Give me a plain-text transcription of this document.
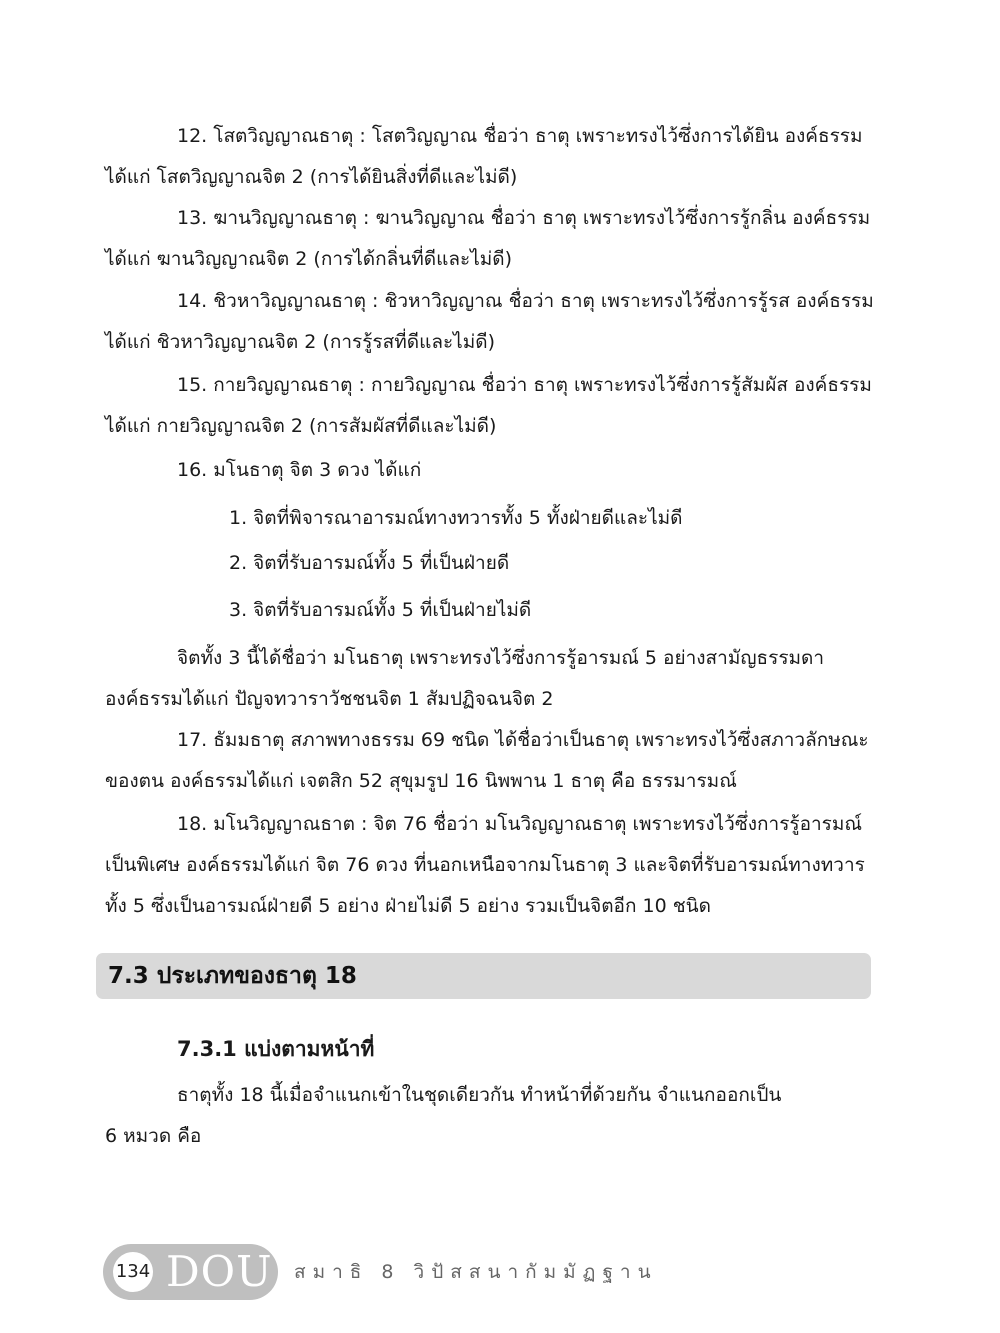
12. โสตวิญญาณธาตุ : โสตวิญญาณ ชื่อว่า ธาตุ เพราะทรงไว้ซึ่งการได้ยิน องค์ธรรม
ได้แก่ โสตวิญญาณจิต 2 (การได้ยินสิ่งที่ดีและไม่ดี)

13. ฆานวิญญาณธาตุ : ฆานวิญญาณ ชื่อว่า ธาตุ เพราะทรงไว้ซึ่งการรู้กลิ่น องค์ธรรม
ได้แก่ ฆานวิญญาณจิต 2 (การได้กลิ่นที่ดีและไม่ดี)

14. ชิวหาวิญญาณธาตุ : ชิวหาวิญญาณ ชื่อว่า ธาตุ เพราะทรงไว้ซึ่งการรู้รส องค์ธรรม
ได้แก่ ชิวหาวิญญาณจิต 2 (การรู้รสที่ดีและไม่ดี)

15. กายวิญญาณธาตุ : กายวิญญาณ ชื่อว่า ธาตุ เพราะทรงไว้ซึ่งการรู้สัมผัส องค์ธรรม
ได้แก่ กายวิญญาณจิต 2 (การสัมผัสที่ดีและไม่ดี)

16. มโนธาตุ จิต 3 ดวง ได้แก่

1. จิตที่พิจารณาอารมณ์ทางทวารทั้ง 5 ทั้งฝ่ายดีและไม่ดี

2. จิตที่รับอารมณ์ทั้ง 5 ที่เป็นฝ่ายดี

3. จิตที่รับอารมณ์ทั้ง 5 ที่เป็นฝ่ายไม่ดี

จิตทั้ง 3 นี้ได้ชื่อว่า มโนธาตุ เพราะทรงไว้ซึ่งการรู้อารมณ์ 5 อย่างสามัญธรรมดา
องค์ธรรมได้แก่ ปัญจทวาราวัชชนจิต 1 สัมปฏิจฉนจิต 2

17. ธัมมธาตุ สภาพทางธรรม 69 ชนิด ได้ชื่อว่าเป็นธาตุ เพราะทรงไว้ซึ่งสภาวลักษณะ
ของตน องค์ธรรมได้แก่ เจตสิก 52 สุขุมรูป 16 นิพพาน 1 ธาตุ คือ ธรรมารมณ์

18. มโนวิญญาณธาต : จิต 76 ชื่อว่า มโนวิญญาณธาตุ เพราะทรงไว้ซึ่งการรู้อารมณ์
เป็นพิเศษ องค์ธรรมได้แก่ จิต 76 ดวง ที่นอกเหนือจากมโนธาตุ 3 และจิตที่รับอารมณ์ทางทวาร
ทั้ง 5 ซึ่งเป็นอารมณ์ฝ่ายดี 5 อย่าง ฝ่ายไม่ดี 5 อย่าง รวมเป็นจิตอีก 10 ชนิด

7.3 ประเภทของธาตุ 18
7.3.1 แบ่งตามหน้าที่

ธาตุทั้ง 18 นี้เมื่อจำแนกเข้าในชุดเดียวกัน ทำหน้าที่ด้วยกัน จำแนกออกเป็น
6 หมวด คือ

134 DOU สมาธิ 8 วิปัสสนากัมมัฏฐาน
